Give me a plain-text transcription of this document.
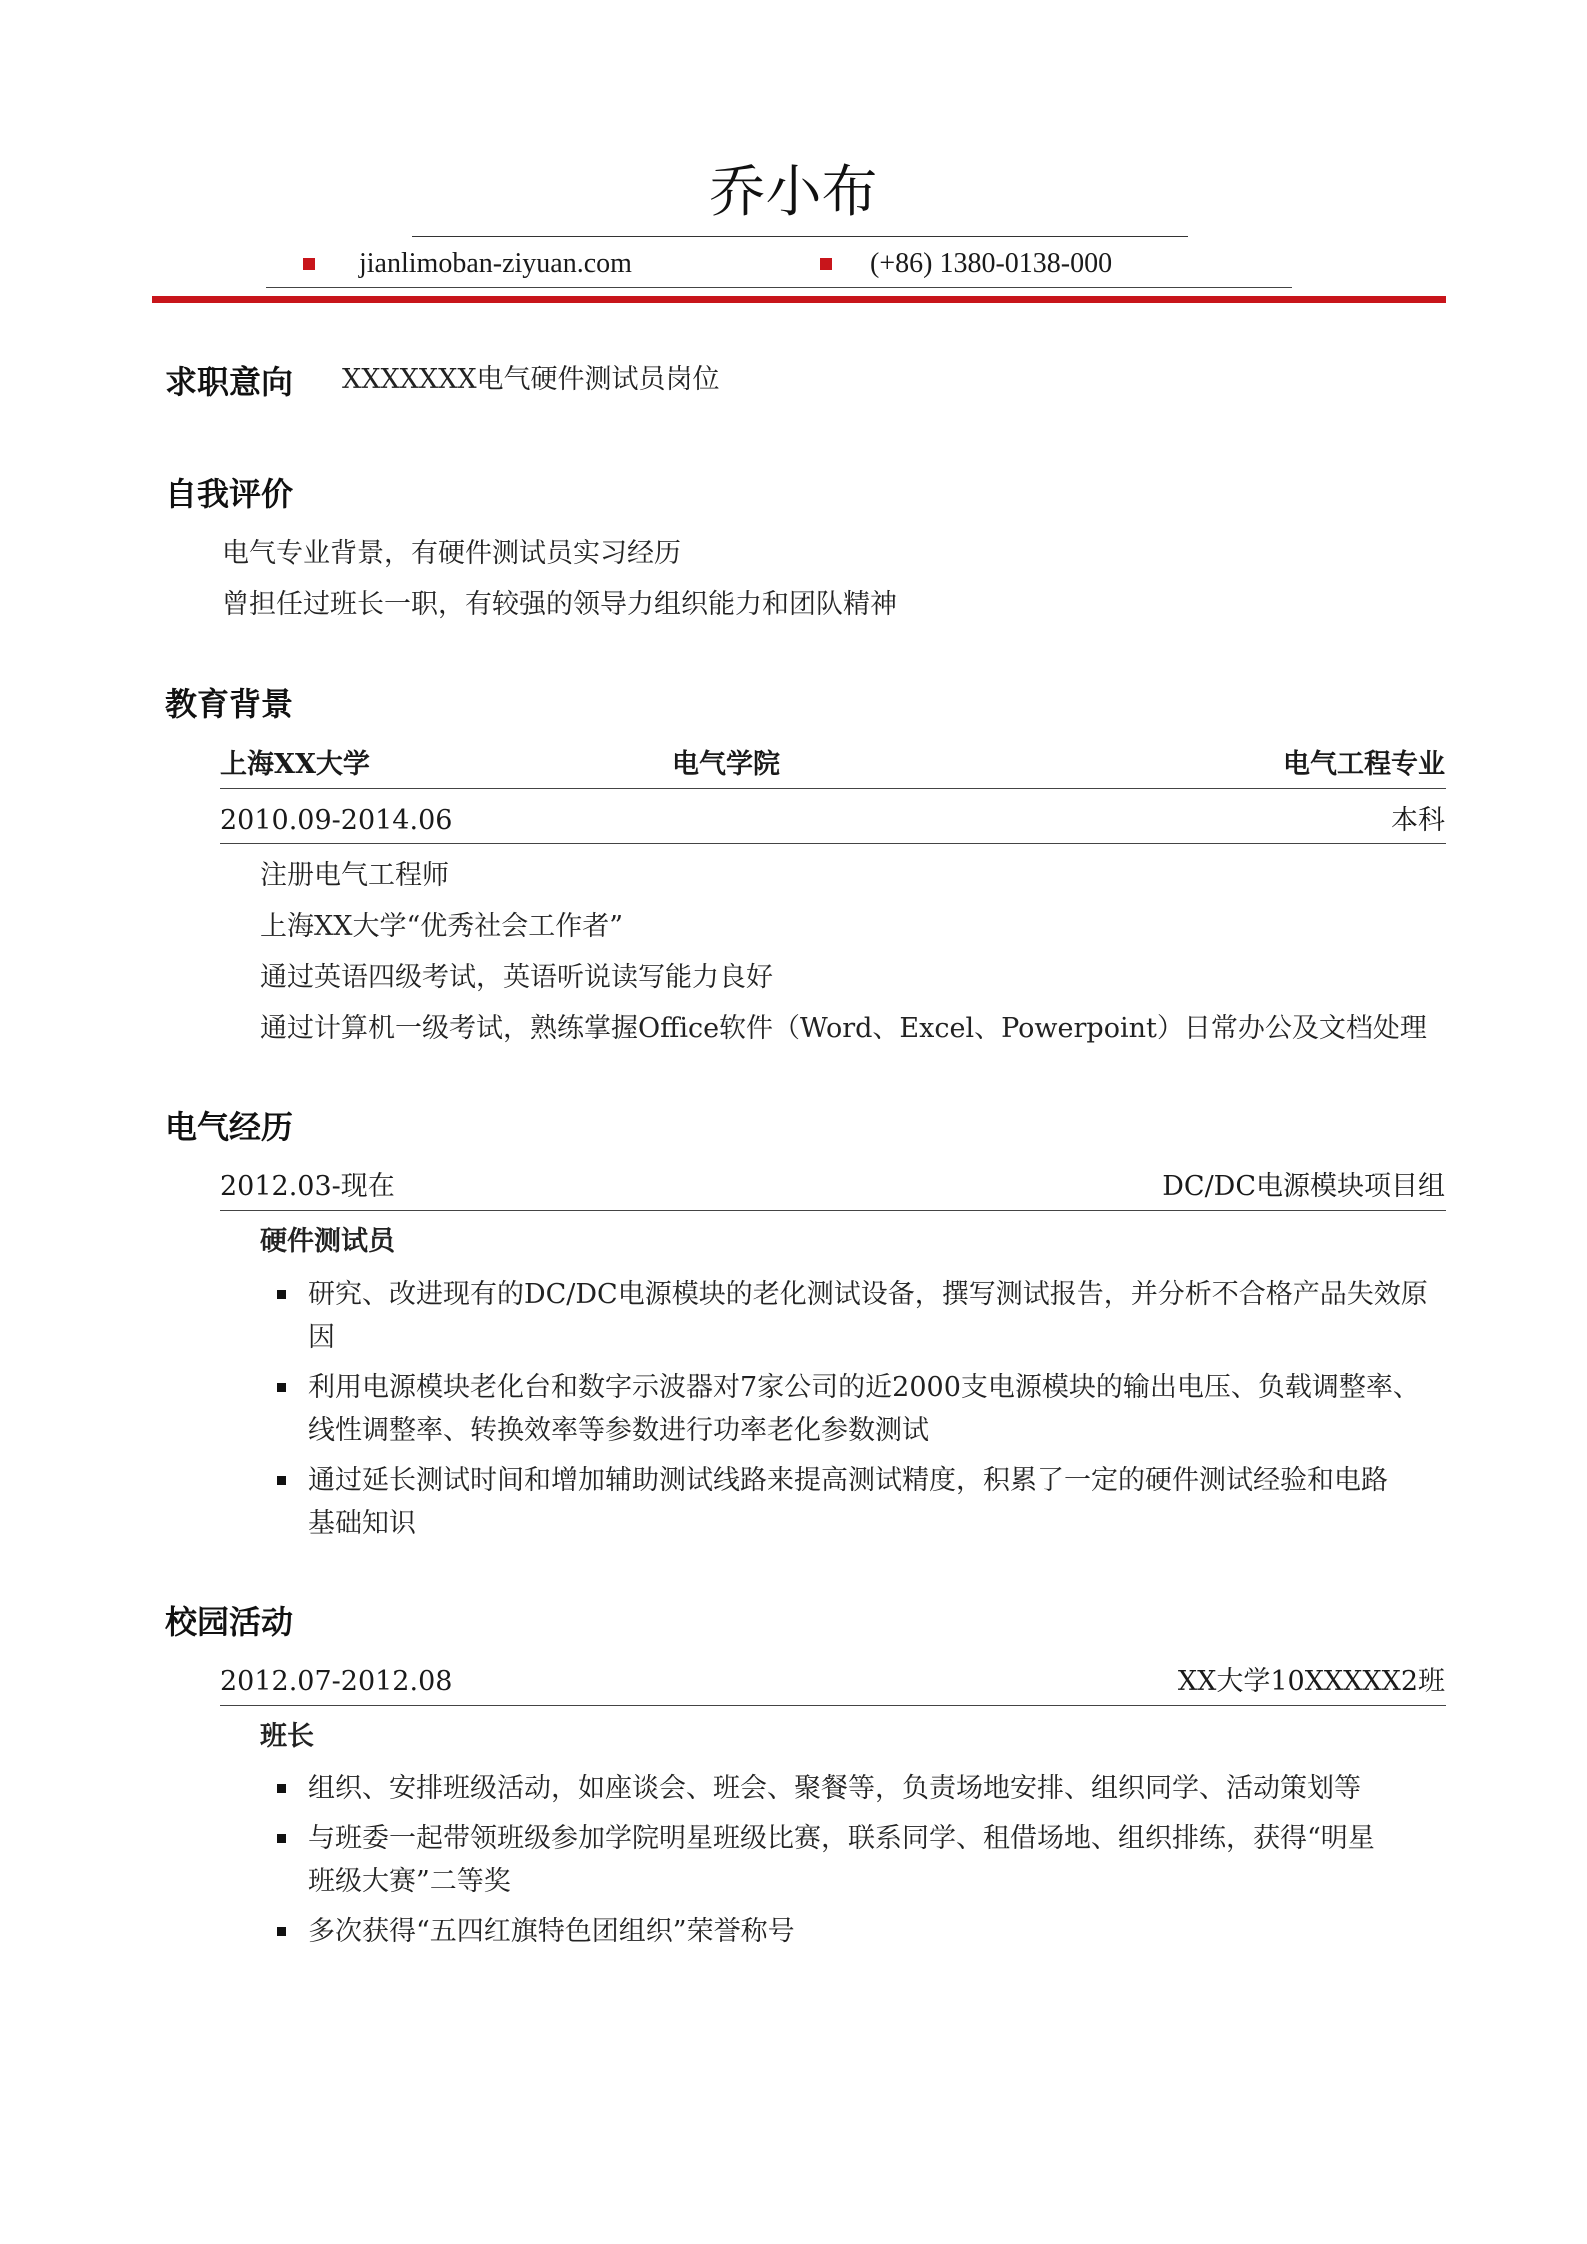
乔小布
jianlimoban-ziyuan.com	(+86) 1380-0138-000
求职意向 XXXXXXX电气硬件测试员岗位
自我评价
电气专业背景，有硬件测试员实习经历
曾担任过班长一职，有较强的领导力组织能力和团队精神
教育背景
上海XX大学	电气学院	电气工程专业
2010.09-2014.06	本科
注册电气工程师
上海XX大学“优秀社会工作者”
通过英语四级考试，英语听说读写能力良好
通过计算机一级考试，熟练掌握Office软件（Word、Excel、Powerpoint）日常办公及文档处理
电气经历
2012.03-现在	DC/DC电源模块项目组
硬件测试员
研究、改进现有的DC/DC电源模块的老化测试设备，撰写测试报告，并分析不合格产品失效原
因
利用电源模块老化台和数字示波器对7家公司的近2000支电源模块的输出电压、负载调整率、
线性调整率、转换效率等参数进行功率老化参数测试
通过延长测试时间和增加辅助测试线路来提高测试精度，积累了一定的硬件测试经验和电路
基础知识
校园活动
2012.07-2012.08	XX大学10XXXXX2班
班长
组织、安排班级活动，如座谈会、班会、聚餐等，负责场地安排、组织同学、活动策划等
与班委一起带领班级参加学院明星班级比赛，联系同学、租借场地、组织排练，获得“明星
班级大赛”二等奖
多次获得“五四红旗特色团组织”荣誉称号
